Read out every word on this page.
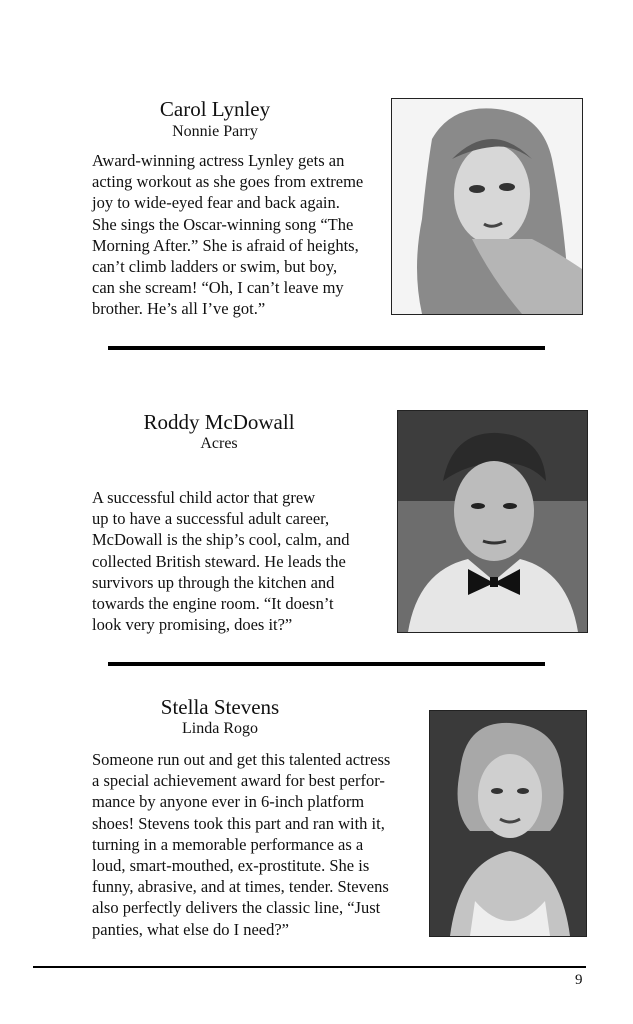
Carol Lynley
Nonnie Parry
Award-winning actress Lynley gets an
acting workout as she goes from extreme
joy to wide-eyed fear and back again.
She sings the Oscar-winning song “The
Morning After.” She is afraid of heights,
can’t climb ladders or swim, but boy,
can she scream! “Oh, I can’t leave my
brother. He’s all I’ve got.”
Roddy McDowall
Acres
A successful child actor that grew
up to have a successful adult career,
McDowall is the ship’s cool, calm, and
collected British steward. He leads the
survivors up through the kitchen and
towards the engine room. “It doesn’t
look very promising, does it?”
Stella Stevens
Linda Rogo
Someone run out and get this talented actress
a special achievement award for best perfor-
mance by anyone ever in 6-inch platform
shoes! Stevens took this part and ran with it,
turning in a memorable performance as a
loud, smart-mouthed, ex-prostitute. She is
funny, abrasive, and at times, tender. Stevens
also perfectly delivers the classic line, “Just
panties, what else do I need?”
9
